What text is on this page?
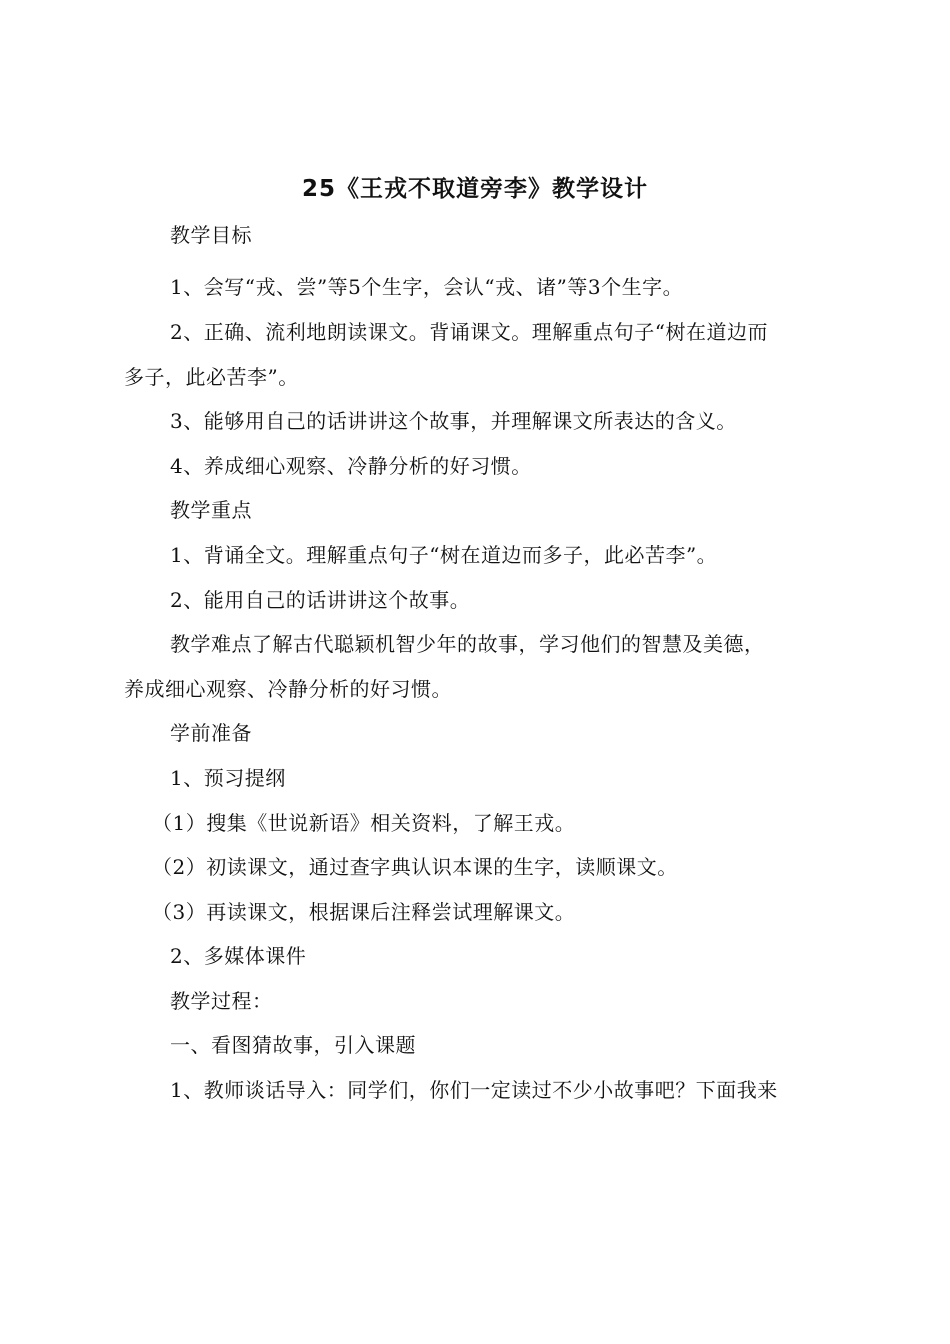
25《王戎不取道旁李》教学设计
教学目标
1、会写“戎、尝”等5个生字，会认“戎、诸”等3个生字。
2、正确、流利地朗读课文。背诵课文。理解重点句子“树在道边而
多子，此必苦李”。
3、能够用自己的话讲讲这个故事，并理解课文所表达的含义。
4、养成细心观察、冷静分析的好习惯。
教学重点
1、背诵全文。理解重点句子“树在道边而多子，此必苦李”。
2、能用自己的话讲讲这个故事。
教学难点了解古代聪颖机智少年的故事，学习他们的智慧及美德，
养成细心观察、冷静分析的好习惯。
学前准备
1、预习提纲
（1）搜集《世说新语》相关资料，了解王戎。
（2）初读课文，通过查字典认识本课的生字，读顺课文。
（3）再读课文，根据课后注释尝试理解课文。
2、多媒体课件
教学过程：
一、看图猜故事，引入课题
1、教师谈话导入：同学们，你们一定读过不少小故事吧？下面我来
